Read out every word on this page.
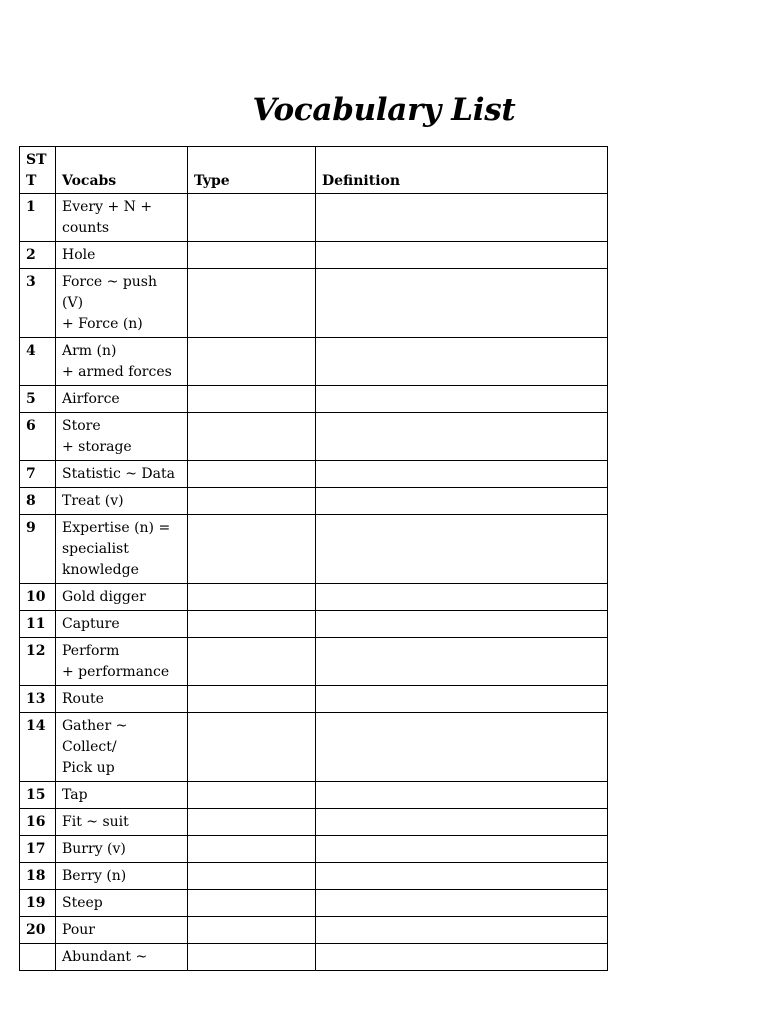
Vocabulary List
ST
T	Vocabs	Type	Definition
1	Every + N +
counts		
2	Hole		
3	Force ~ push (V)
+ Force (n)		
4	Arm (n)
+ armed forces		
5	Airforce		
6	Store
+ storage		
7	Statistic ~ Data		
8	Treat (v)		
9	Expertise (n) =
specialist
knowledge		
10	Gold digger		
11	Capture		
12	Perform
+ performance		
13	Route		
14	Gather ~ Collect/
Pick up		
15	Tap		
16	Fit ~ suit		
17	Burry (v)		
18	Berry (n)		
19	Steep		
20	Pour		
	Abundant ~		
